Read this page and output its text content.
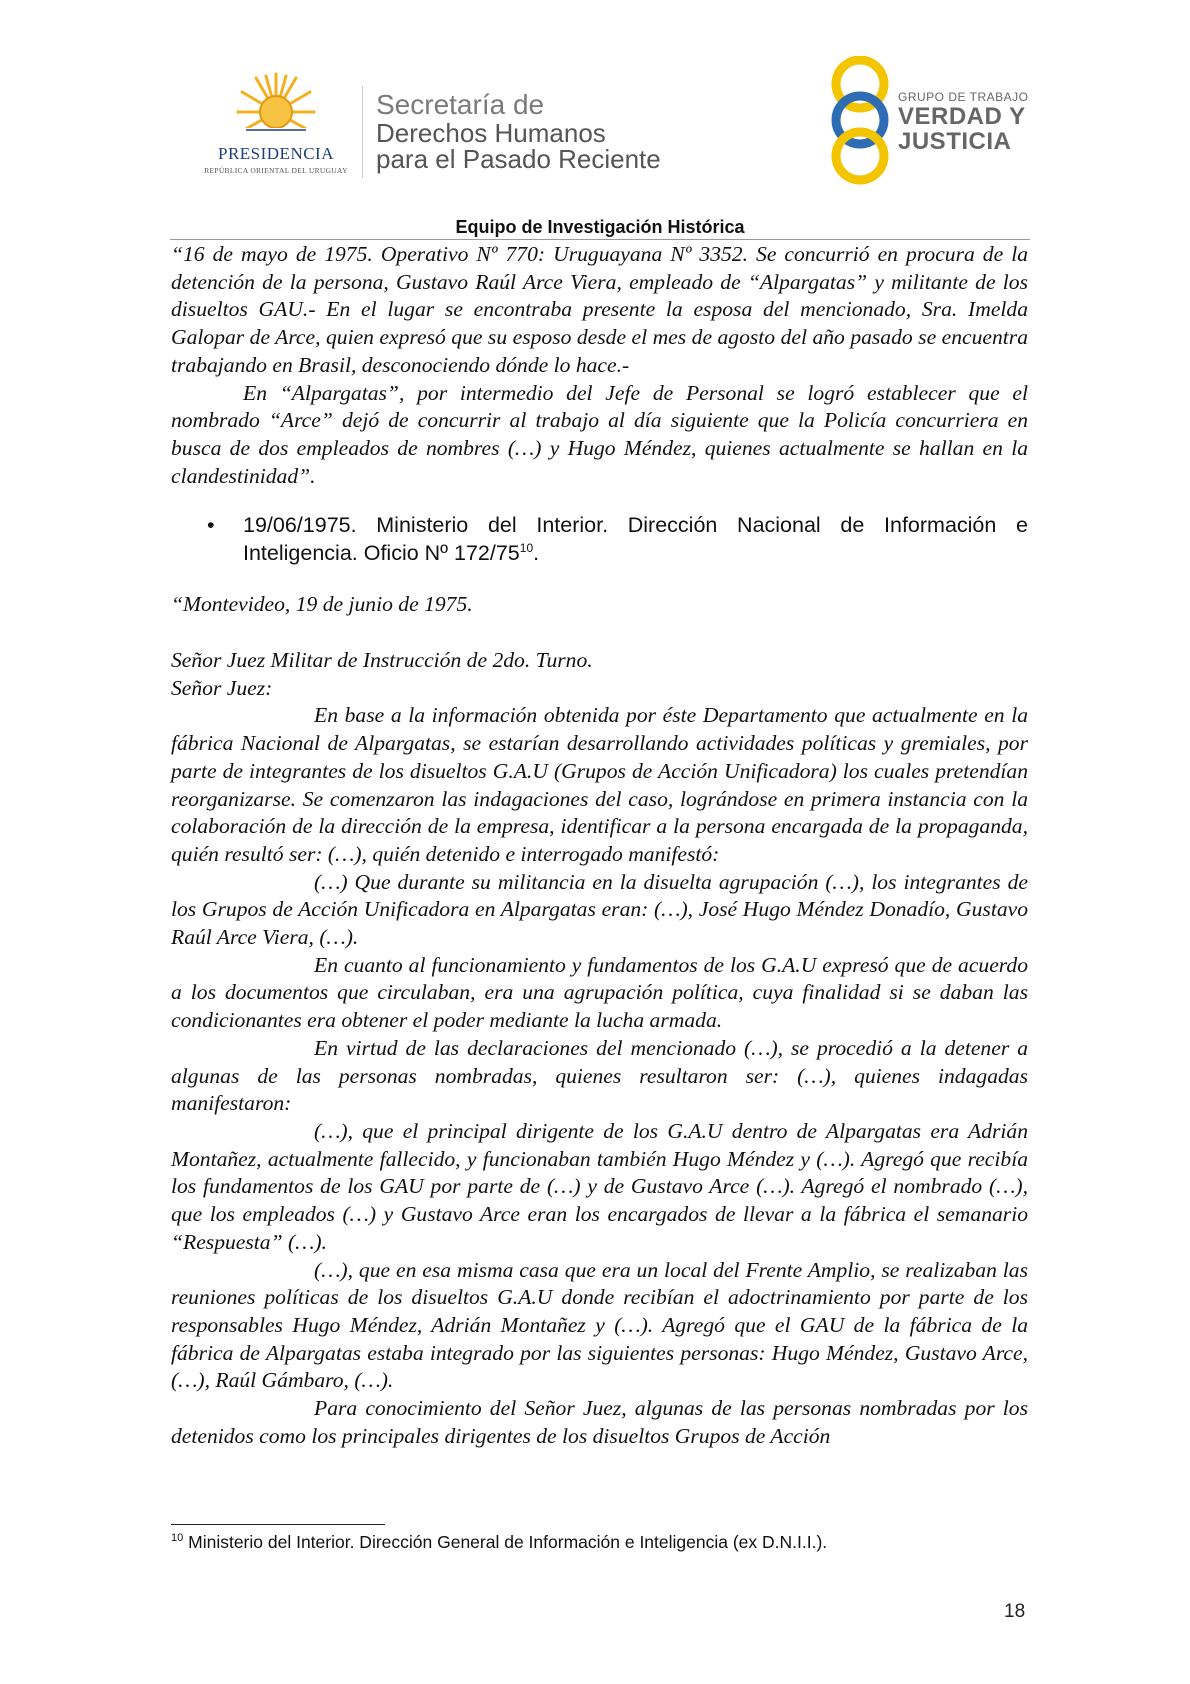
PRESIDENCIA
REPÚBLICA ORIENTAL DEL URUGUAY
Secretaría de
Derechos Humanos
para el Pasado Reciente
GRUPO DE TRABAJO
VERDAD Y
JUSTICIA
Equipo de Investigación Histórica

“16 de mayo de 1975. Operativo Nº 770: Uruguayana Nº 3352. Se concurrió en procura de la detención de la persona, Gustavo Raúl Arce Viera, empleado de “Alpargatas” y militante de los disueltos GAU.- En el lugar se encontraba presente la esposa del mencionado, Sra. Imelda Galopar de Arce, quien expresó que su esposo desde el mes de agosto del año pasado se encuentra trabajando en Brasil, desconociendo dónde lo hace.-

En “Alpargatas”, por intermedio del Jefe de Personal se logró establecer que el nombrado “Arce” dejó de concurrir al trabajo al día siguiente que la Policía concurriera en busca de dos empleados de nombres (…) y Hugo Méndez, quienes actualmente se hallan en la clandestinidad”.

• 19/06/1975. Ministerio del Interior. Dirección Nacional de Información e Inteligencia. Oficio Nº $172/75^{10}$.

“Montevideo, 19 de junio de 1975.

Señor Juez Militar de Instrucción de 2do. Turno.

Señor Juez:

En base a la información obtenida por éste Departamento que actualmente en la fábrica Nacional de Alpargatas, se estarían desarrollando actividades políticas y gremiales, por parte de integrantes de los disueltos G.A.U (Grupos de Acción Unificadora) los cuales pretendían reorganizarse. Se comenzaron las indagaciones del caso, lográndose en primera instancia con la colaboración de la dirección de la empresa, identificar a la persona encargada de la propaganda, quién resultó ser: (…), quién detenido e interrogado manifestó:

(…) Que durante su militancia en la disuelta agrupación (…), los integrantes de los Grupos de Acción Unificadora en Alpargatas eran: (…), José Hugo Méndez Donadío, Gustavo Raúl Arce Viera, (…).

En cuanto al funcionamiento y fundamentos de los G.A.U expresó que de acuerdo a los documentos que circulaban, era una agrupación política, cuya finalidad si se daban las condicionantes era obtener el poder mediante la lucha armada.

En virtud de las declaraciones del mencionado (…), se procedió a la detener a algunas de las personas nombradas, quienes resultaron ser: (…), quienes indagadas manifestaron:

(…), que el principal dirigente de los G.A.U dentro de Alpargatas era Adrián Montañez, actualmente fallecido, y funcionaban también Hugo Méndez y (…). Agregó que recibía los fundamentos de los GAU por parte de (…) y de Gustavo Arce (…). Agregó el nombrado (…), que los empleados (…) y Gustavo Arce eran los encargados de llevar a la fábrica el semanario “Respuesta” (…).

(…), que en esa misma casa que era un local del Frente Amplio, se realizaban las reuniones políticas de los disueltos G.A.U donde recibían el adoctrinamiento por parte de los responsables Hugo Méndez, Adrián Montañez y (…). Agregó que el GAU de la fábrica de la fábrica de Alpargatas estaba integrado por las siguientes personas: Hugo Méndez, Gustavo Arce, (…), Raúl Gámbaro, (…).

Para conocimiento del Señor Juez, algunas de las personas nombradas por los detenidos como los principales dirigentes de los disueltos Grupos de Acción

$^{10}$ Ministerio del Interior. Dirección General de Información e Inteligencia (ex D.N.I.I.).
18
